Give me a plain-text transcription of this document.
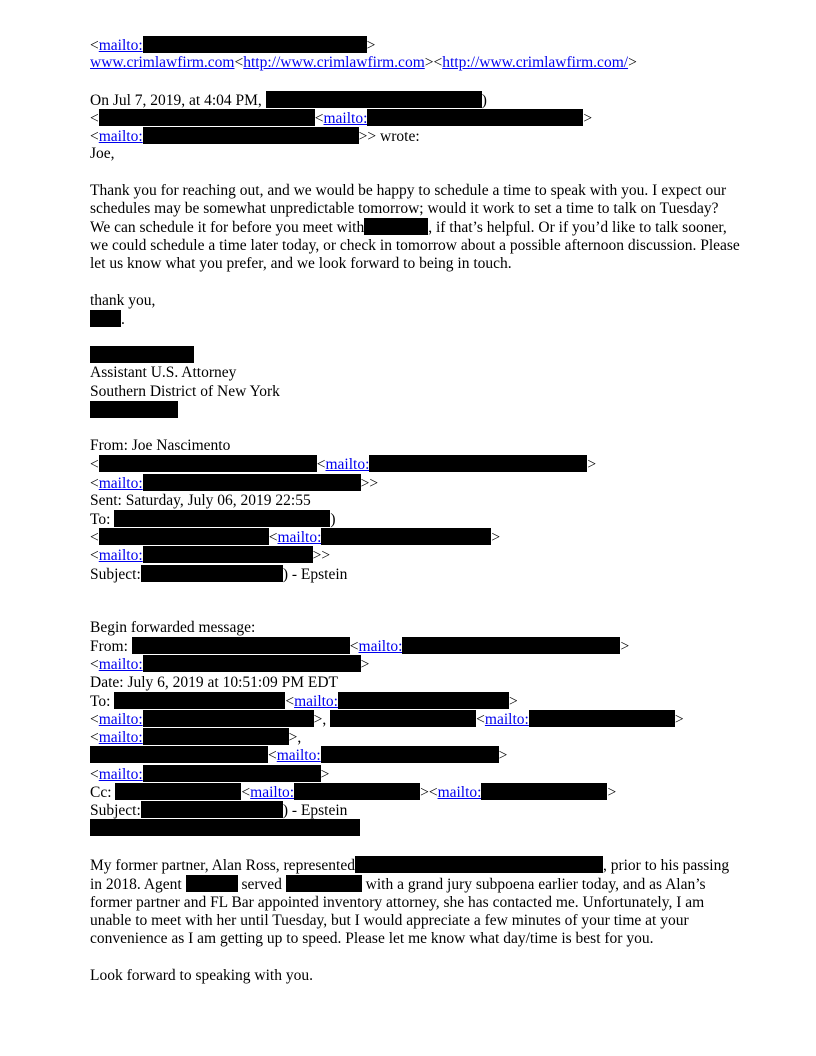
<mailto:	>
www.crimlawfirm.com<http://www.crimlawfirm.com><http://www.crimlawfirm.com/>
On Jul 7, 2019, at 4:04 PM,	)
<	<mailto:	>
<mailto:	>> wrote:
Joe,
Thank you for reaching out, and we would be happy to schedule a time to speak with you. I expect our schedules may be somewhat unpredictable tomorrow; would it work to set a time to talk on Tuesday? We can schedule it for before you meet with	, if that’s helpful. Or if you’d like to talk sooner, we could schedule a time later today, or check in tomorrow about a possible afternoon discussion. Please let us know what you prefer, and we look forward to being in touch.
thank you,
.
Assistant U.S. Attorney
Southern District of New York
From: Joe Nascimento
<	<mailto:	>
<mailto:	>>
Sent: Saturday, July 06, 2019 22:55
To:	)
<	<mailto:	>
<mailto:	>>
Subject:	) - Epstein
Begin forwarded message:
From:	<mailto:	>
<mailto:	>
Date: July 6, 2019 at 10:51:09 PM EDT
To:	<mailto:	>
<mailto:	>,	<mailto:	>
<mailto:	>,
<mailto:	>
<mailto:	>
Cc:	<mailto:	><mailto:	>
Subject:	) - Epstein
My former partner, Alan Ross, represented	, prior to his passing in 2018. Agent	served	with a grand jury subpoena earlier today, and as Alan’s former partner and FL Bar appointed inventory attorney, she has contacted me. Unfortunately, I am unable to meet with her until Tuesday, but I would appreciate a few minutes of your time at your convenience as I am getting up to speed. Please let me know what day/time is best for you.
Look forward to speaking with you.
